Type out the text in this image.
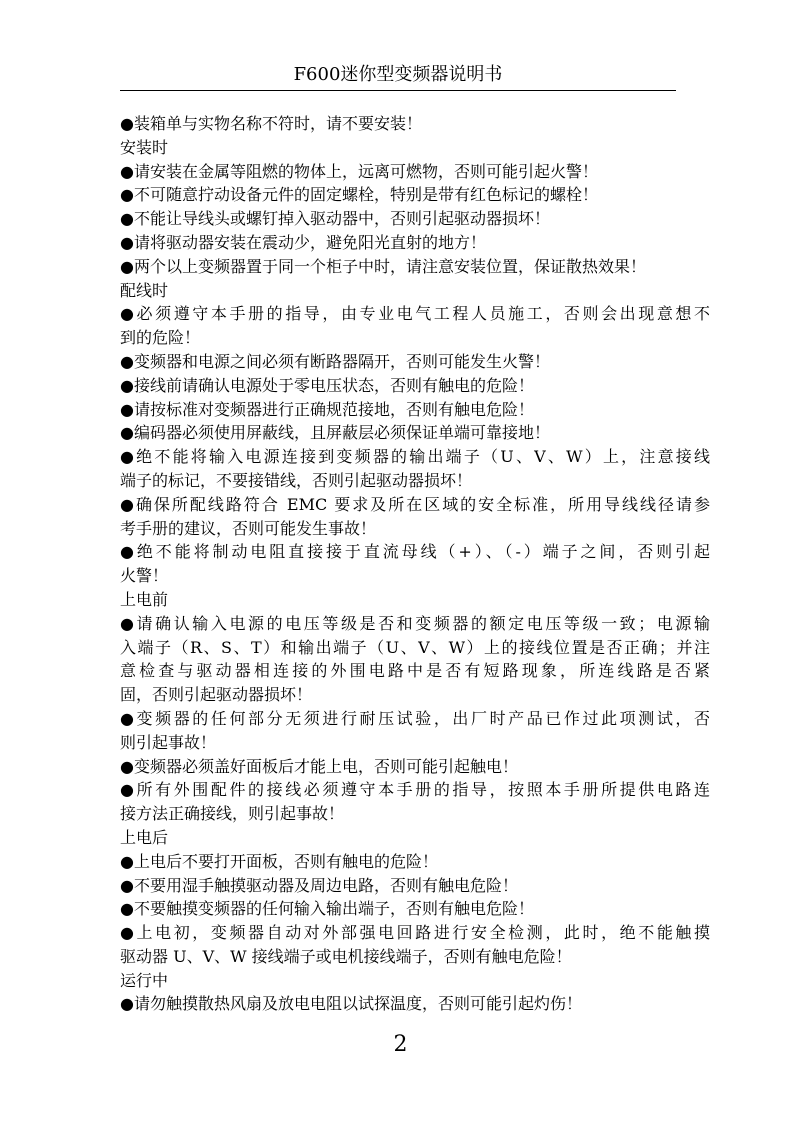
F600迷你型变频器说明书
●装箱单与实物名称不符时，请不要安装！
安装时
●请安装在金属等阻燃的物体上，远离可燃物，否则可能引起火警！
●不可随意拧动设备元件的固定螺栓，特别是带有红色标记的螺栓！
●不能让导线头或螺钉掉入驱动器中，否则引起驱动器损坏！
●请将驱动器安装在震动少，避免阳光直射的地方！
●两个以上变频器置于同一个柜子中时，请注意安装位置，保证散热效果！
配线时
●必须遵守本手册的指导，由专业电气工程人员施工，否则会出现意想不
到的危险！
●变频器和电源之间必须有断路器隔开，否则可能发生火警！
●接线前请确认电源处于零电压状态，否则有触电的危险！
●请按标准对变频器进行正确规范接地，否则有触电危险！
●编码器必须使用屏蔽线，且屏蔽层必须保证单端可靠接地！
●绝不能将输入电源连接到变频器的输出端子（U、V、W）上，注意接线
端子的标记，不要接错线，否则引起驱动器损坏！
●确保所配线路符合 EMC 要求及所在区域的安全标准，所用导线线径请参
考手册的建议，否则可能发生事故！
●绝不能将制动电阻直接接于直流母线（+）、（-）端子之间，否则引起
火警！
上电前
●请确认输入电源的电压等级是否和变频器的额定电压等级一致；电源输
入端子（R、S、T）和输出端子（U、V、W）上的接线位置是否正确；并注
意检查与驱动器相连接的外围电路中是否有短路现象，所连线路是否紧
固，否则引起驱动器损坏！
●变频器的任何部分无须进行耐压试验，出厂时产品已作过此项测试，否
则引起事故！
●变频器必须盖好面板后才能上电，否则可能引起触电！
●所有外围配件的接线必须遵守本手册的指导，按照本手册所提供电路连
接方法正确接线，则引起事故！
上电后
●上电后不要打开面板，否则有触电的危险！
●不要用湿手触摸驱动器及周边电路，否则有触电危险！
●不要触摸变频器的任何输入输出端子，否则有触电危险！
●上电初，变频器自动对外部强电回路进行安全检测，此时，绝不能触摸
驱动器 U、V、W 接线端子或电机接线端子，否则有触电危险！
运行中
●请勿触摸散热风扇及放电电阻以试探温度，否则可能引起灼伤！
2
